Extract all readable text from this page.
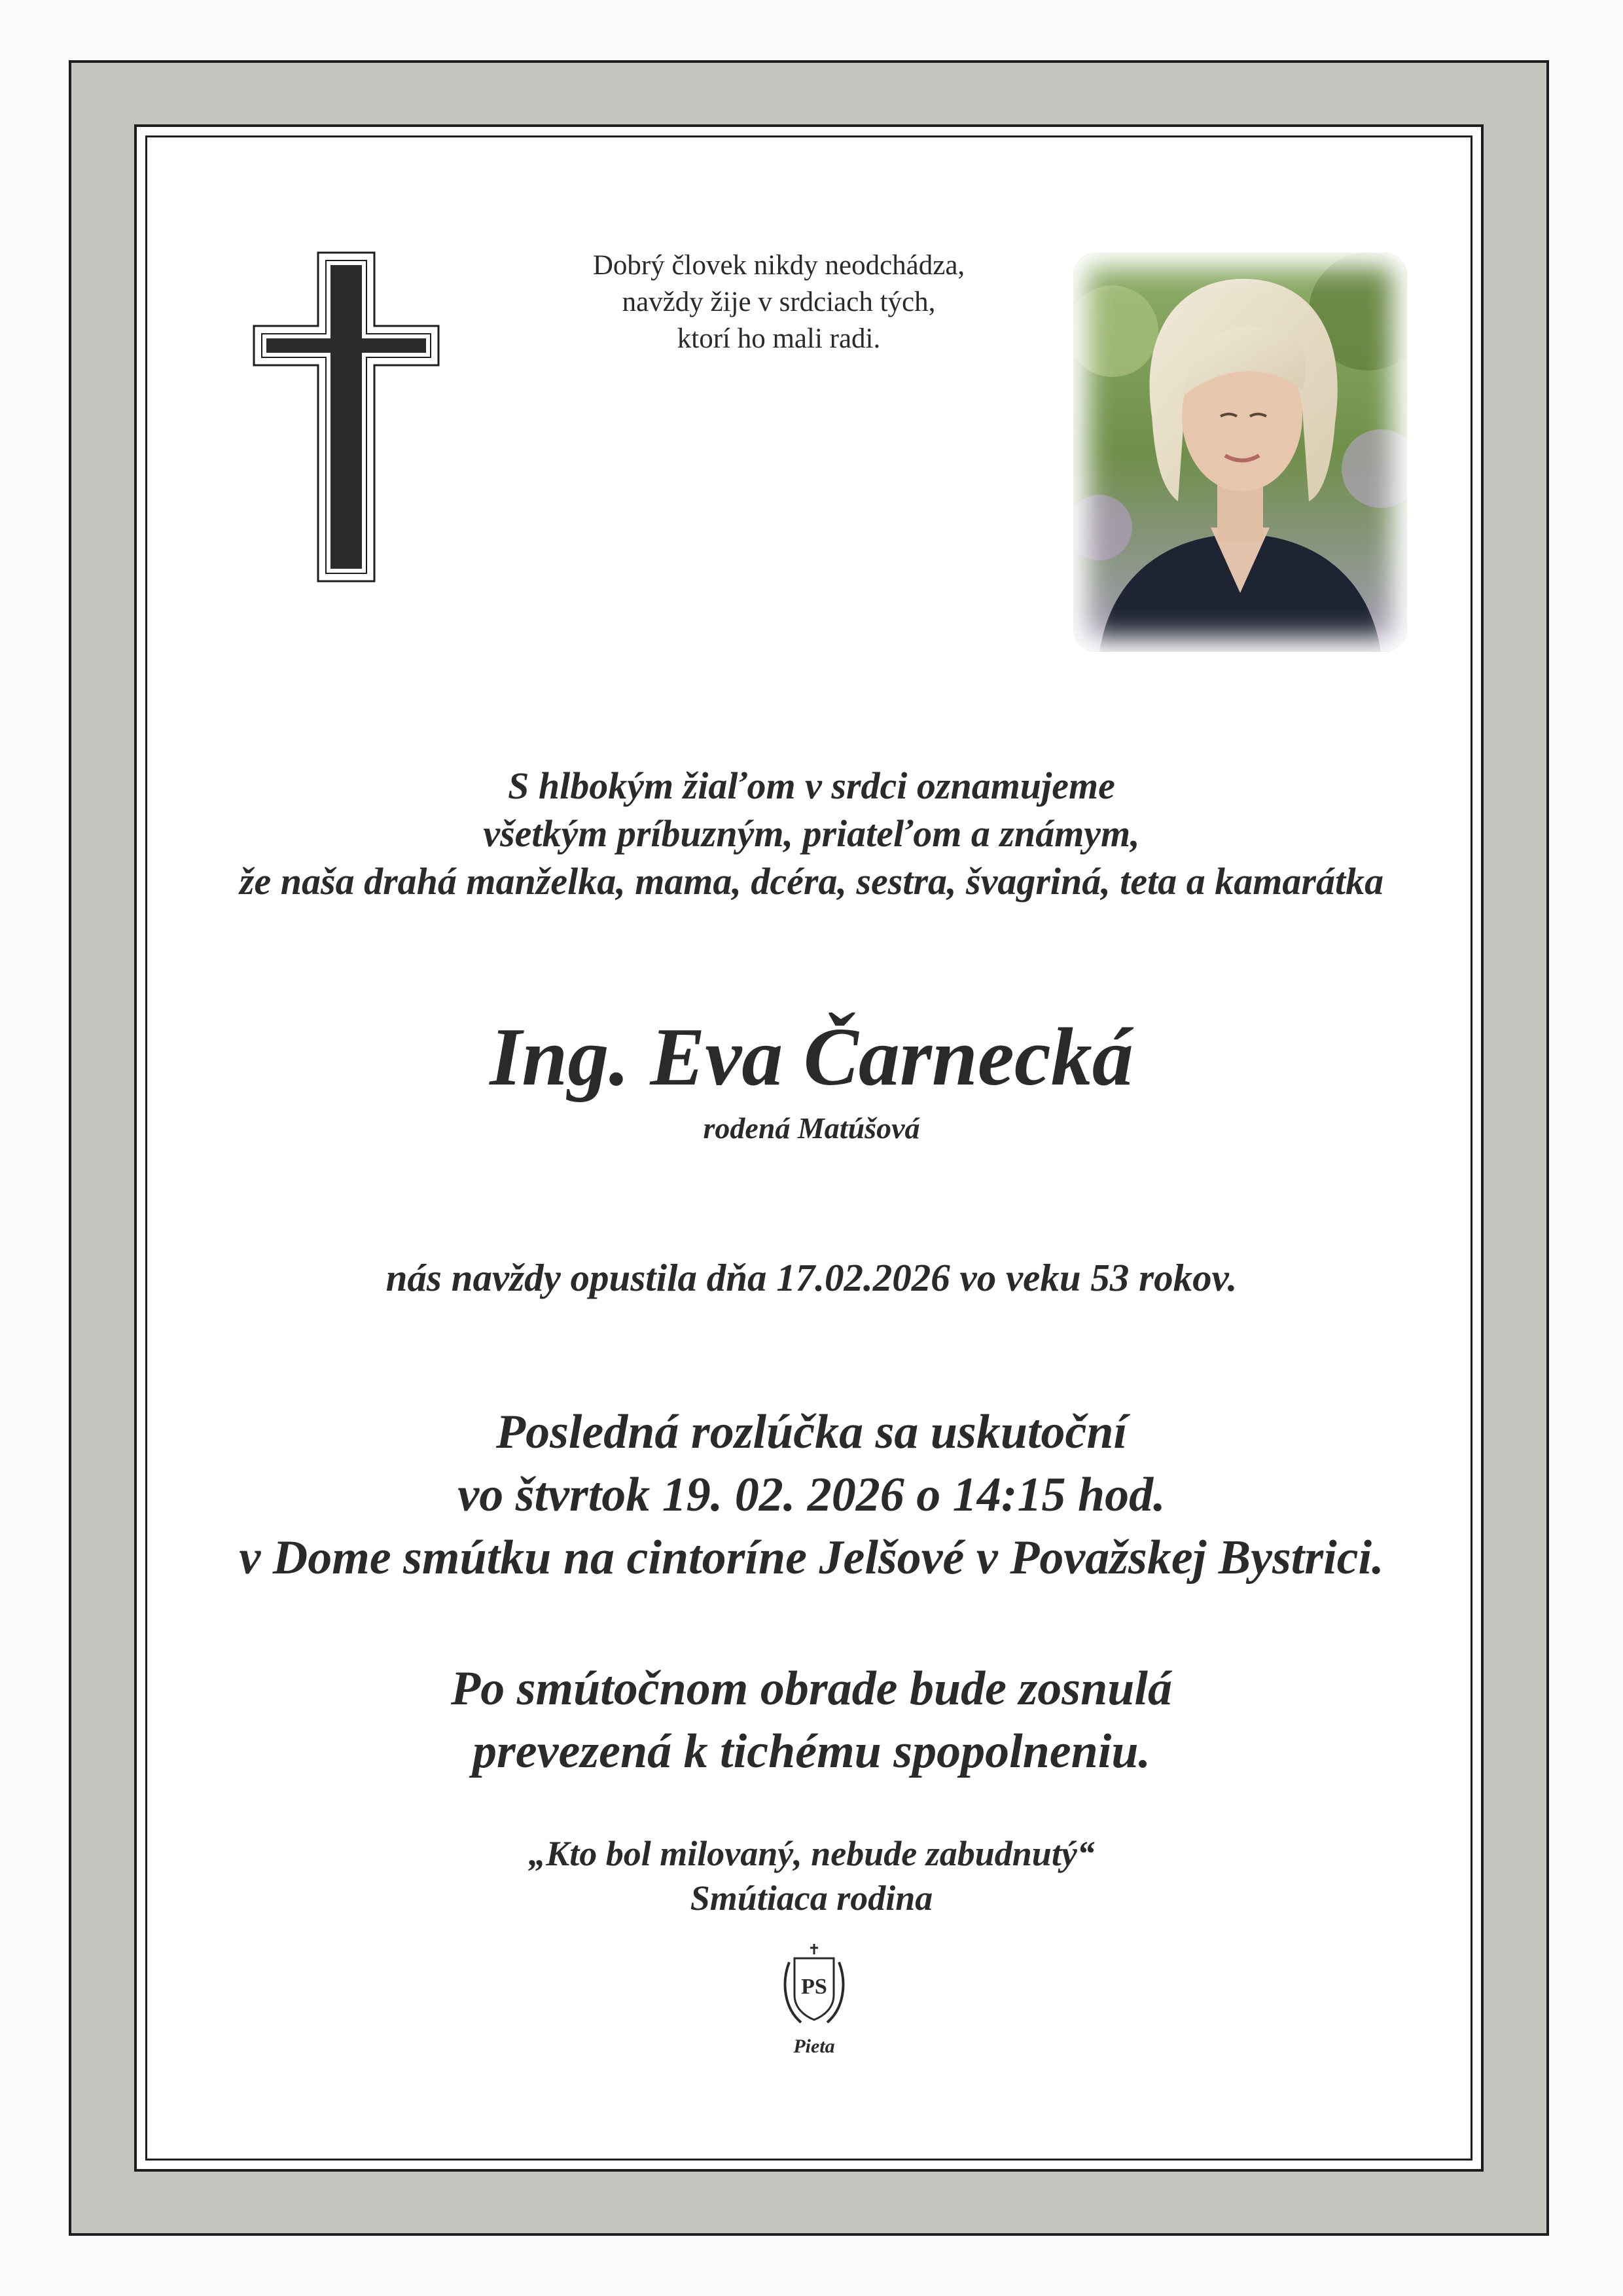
Dobrý človek nikdy neodchádza,
navždy žije v srdciach tých,
ktorí ho mali radi.
S hlbokým žiaľom v srdci oznamujeme
všetkým príbuzným, priateľom a známym,
že naša drahá manželka, mama, dcéra, sestra, švagriná, teta a kamarátka
Ing. Eva Čarnecká
rodená Matúšová
nás navždy opustila dňa 17.02.2026 vo veku 53 rokov.
Posledná rozlúčka sa uskutoční
vo štvrtok 19. 02. 2026 o 14:15 hod.
v Dome smútku na cintoríne Jelšové v Považskej Bystrici.
Po smútočnom obrade bude zosnulá
prevezená k tichému spopolneniu.
„Kto bol milovaný, nebude zabudnutý“
Smútiaca rodina
PS
Pieta
